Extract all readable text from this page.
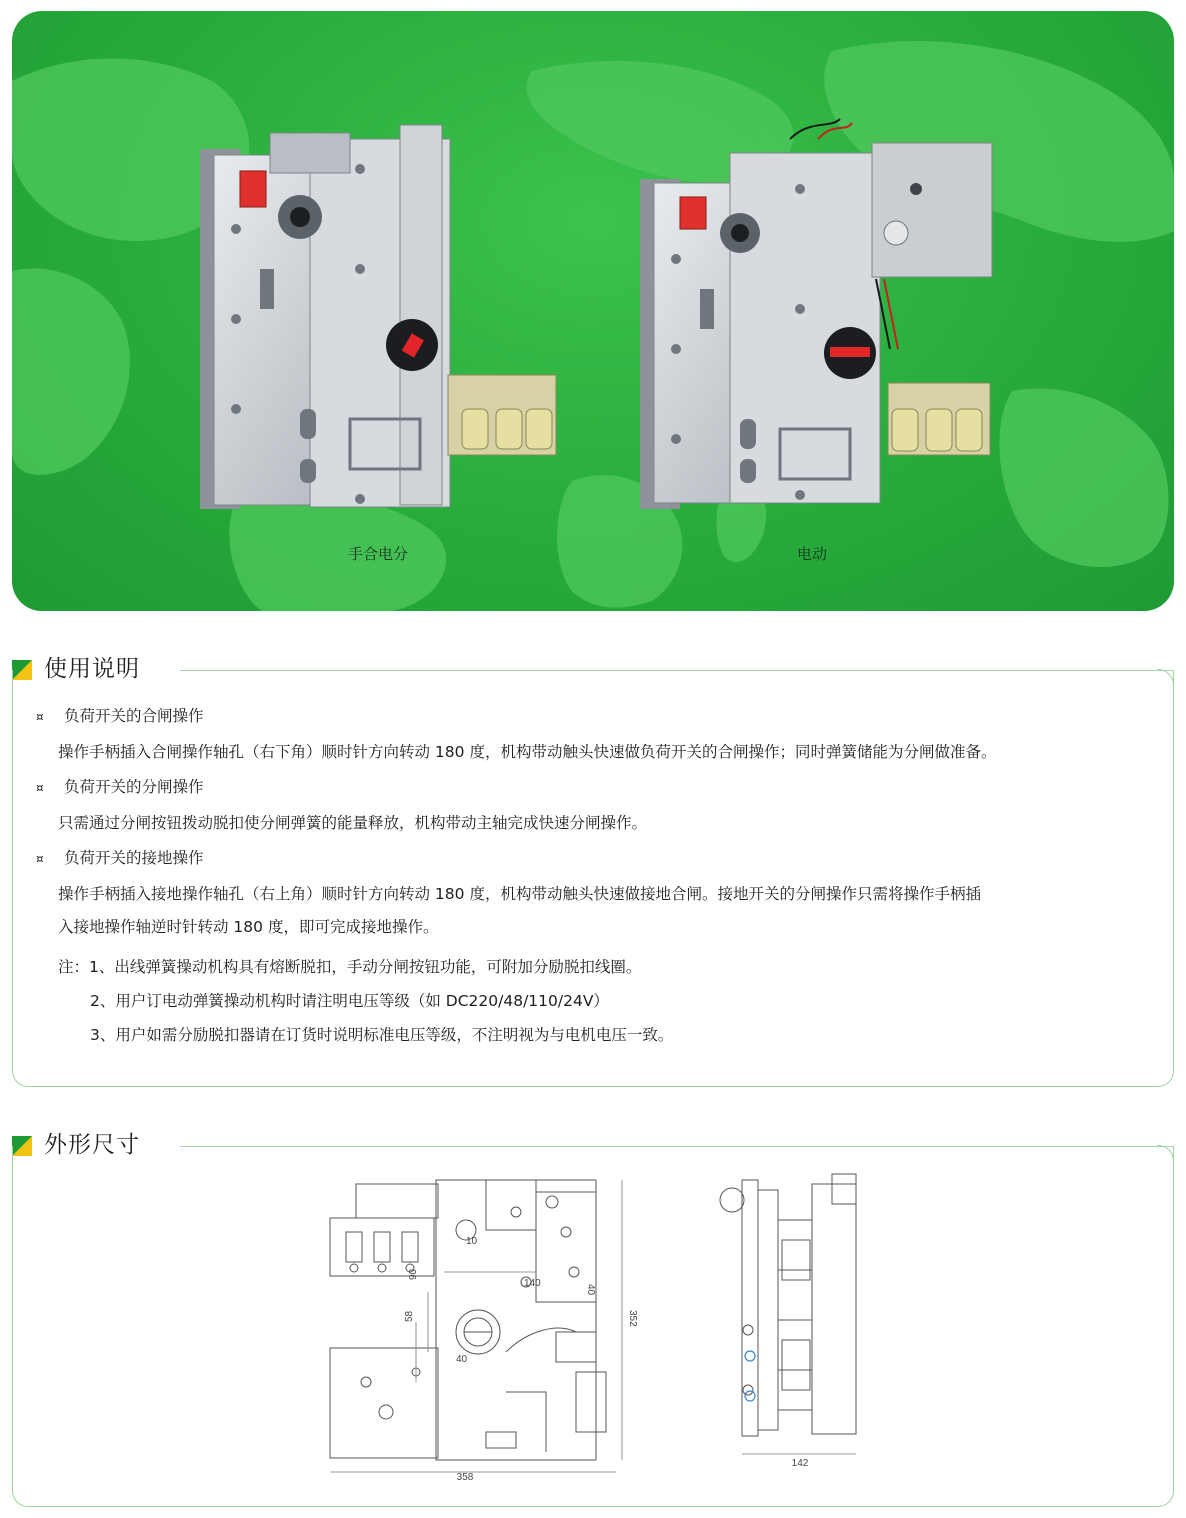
手合电分	电动
使用说明

¤ 负荷开关的合闸操作

操作手柄插入合闸操作轴孔（右下角）顺时针方向转动 180 度，机构带动触头快速做负荷开关的合闸操作；同时弹簧储能为分闸做准备。

¤ 负荷开关的分闸操作

只需通过分闸按钮拨动脱扣使分闸弹簧的能量释放，机构带动主轴完成快速分闸操作。

¤ 负荷开关的接地操作

操作手柄插入接地操作轴孔（右上角）顺时针方向转动 180 度，机构带动触头快速做接地合闸。接地开关的分闸操作只需将操作手柄插

入接地操作轴逆时针转动 180 度，即可完成接地操作。

注：1、出线弹簧操动机构具有熔断脱扣，手动分闸按钮功能，可附加分励脱扣线圈。

2、用户订电动弹簧操动机构时请注明电压等级（如 DC220/48/110/24V）

3、用户如需分励脱扣器请在订货时说明标准电压等级，不注明视为与电机电压一致。

外形尺寸
358
352
10
140
40
90
58
40
142
